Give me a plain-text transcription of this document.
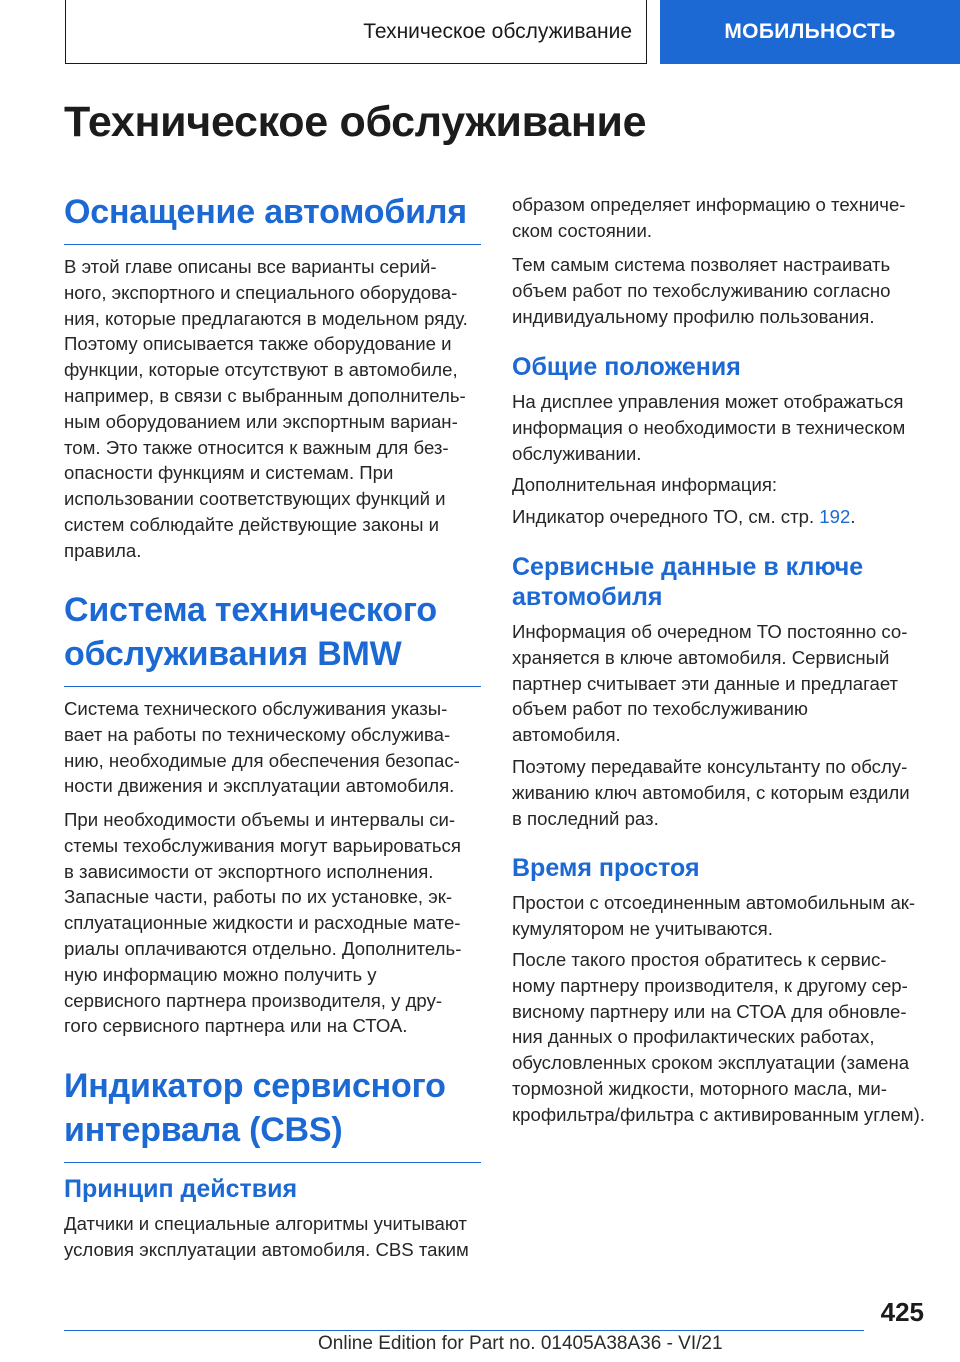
Техническое обслуживание	МОБИЛЬНОСТЬ
Техническое обслуживание
Оснащение автомобиля

В этой главе описаны все варианты серий-
ного, экспортного и специального оборудова-
ния, которые предлагаются в модельном ряду.
Поэтому описывается также оборудование и
функции, которые отсутствуют в автомобиле,
например, в связи с выбранным дополнитель-
ным оборудованием или экспортным вариан-
том. Это также относится к важным для без-
опасности функциям и системам. При
использовании соответствующих функций и
систем соблюдайте действующие законы и
правила.

Система технического
обслуживания BMW

Система технического обслуживания указы-
вает на работы по техническому обслужива-
нию, необходимые для обеспечения безопас-
ности движения и эксплуатации автомобиля.

При необходимости объемы и интервалы си-
стемы техобслуживания могут варьироваться
в зависимости от экспортного исполнения.
Запасные части, работы по их установке, эк-
сплуатационные жидкости и расходные мате-
риалы оплачиваются отдельно. Дополнитель-
ную информацию можно получить у
сервисного партнера производителя, у дру-
гого сервисного партнера или на СТОА.

Индикатор сервисного
интервала (CBS)
Принцип действия

Датчики и специальные алгоритмы учитывают
условия эксплуатации автомобиля. CBS таким

образом определяет информацию о техниче-
ском состоянии.

Тем самым система позволяет настраивать
объем работ по техобслуживанию согласно
индивидуальному профилю пользования.

Общие положения

На дисплее управления может отображаться
информация о необходимости в техническом
обслуживании.

Дополнительная информация:

Индикатор очередного ТО, см. стр. 192.

Сервисные данные в ключе
автомобиля

Информация об очередном ТО постоянно со-
храняется в ключе автомобиля. Сервисный
партнер считывает эти данные и предлагает
объем работ по техобслуживанию
автомобиля.

Поэтому передавайте консультанту по обслу-
живанию ключ автомобиля, с которым ездили
в последний раз.

Время простоя

Простои с отсоединенным автомобильным ак-
кумулятором не учитываются.

После такого простоя обратитесь к сервис-
ному партнеру производителя, к другому сер-
висному партнеру или на СТОА для обновле-
ния данных о профилактических работах,
обусловленных сроком эксплуатации (замена
тормозной жидкости, моторного масла, ми-
крофильтра/фильтра с активированным углем).

425
Online Edition for Part no. 01405A38A36 - VI/21
